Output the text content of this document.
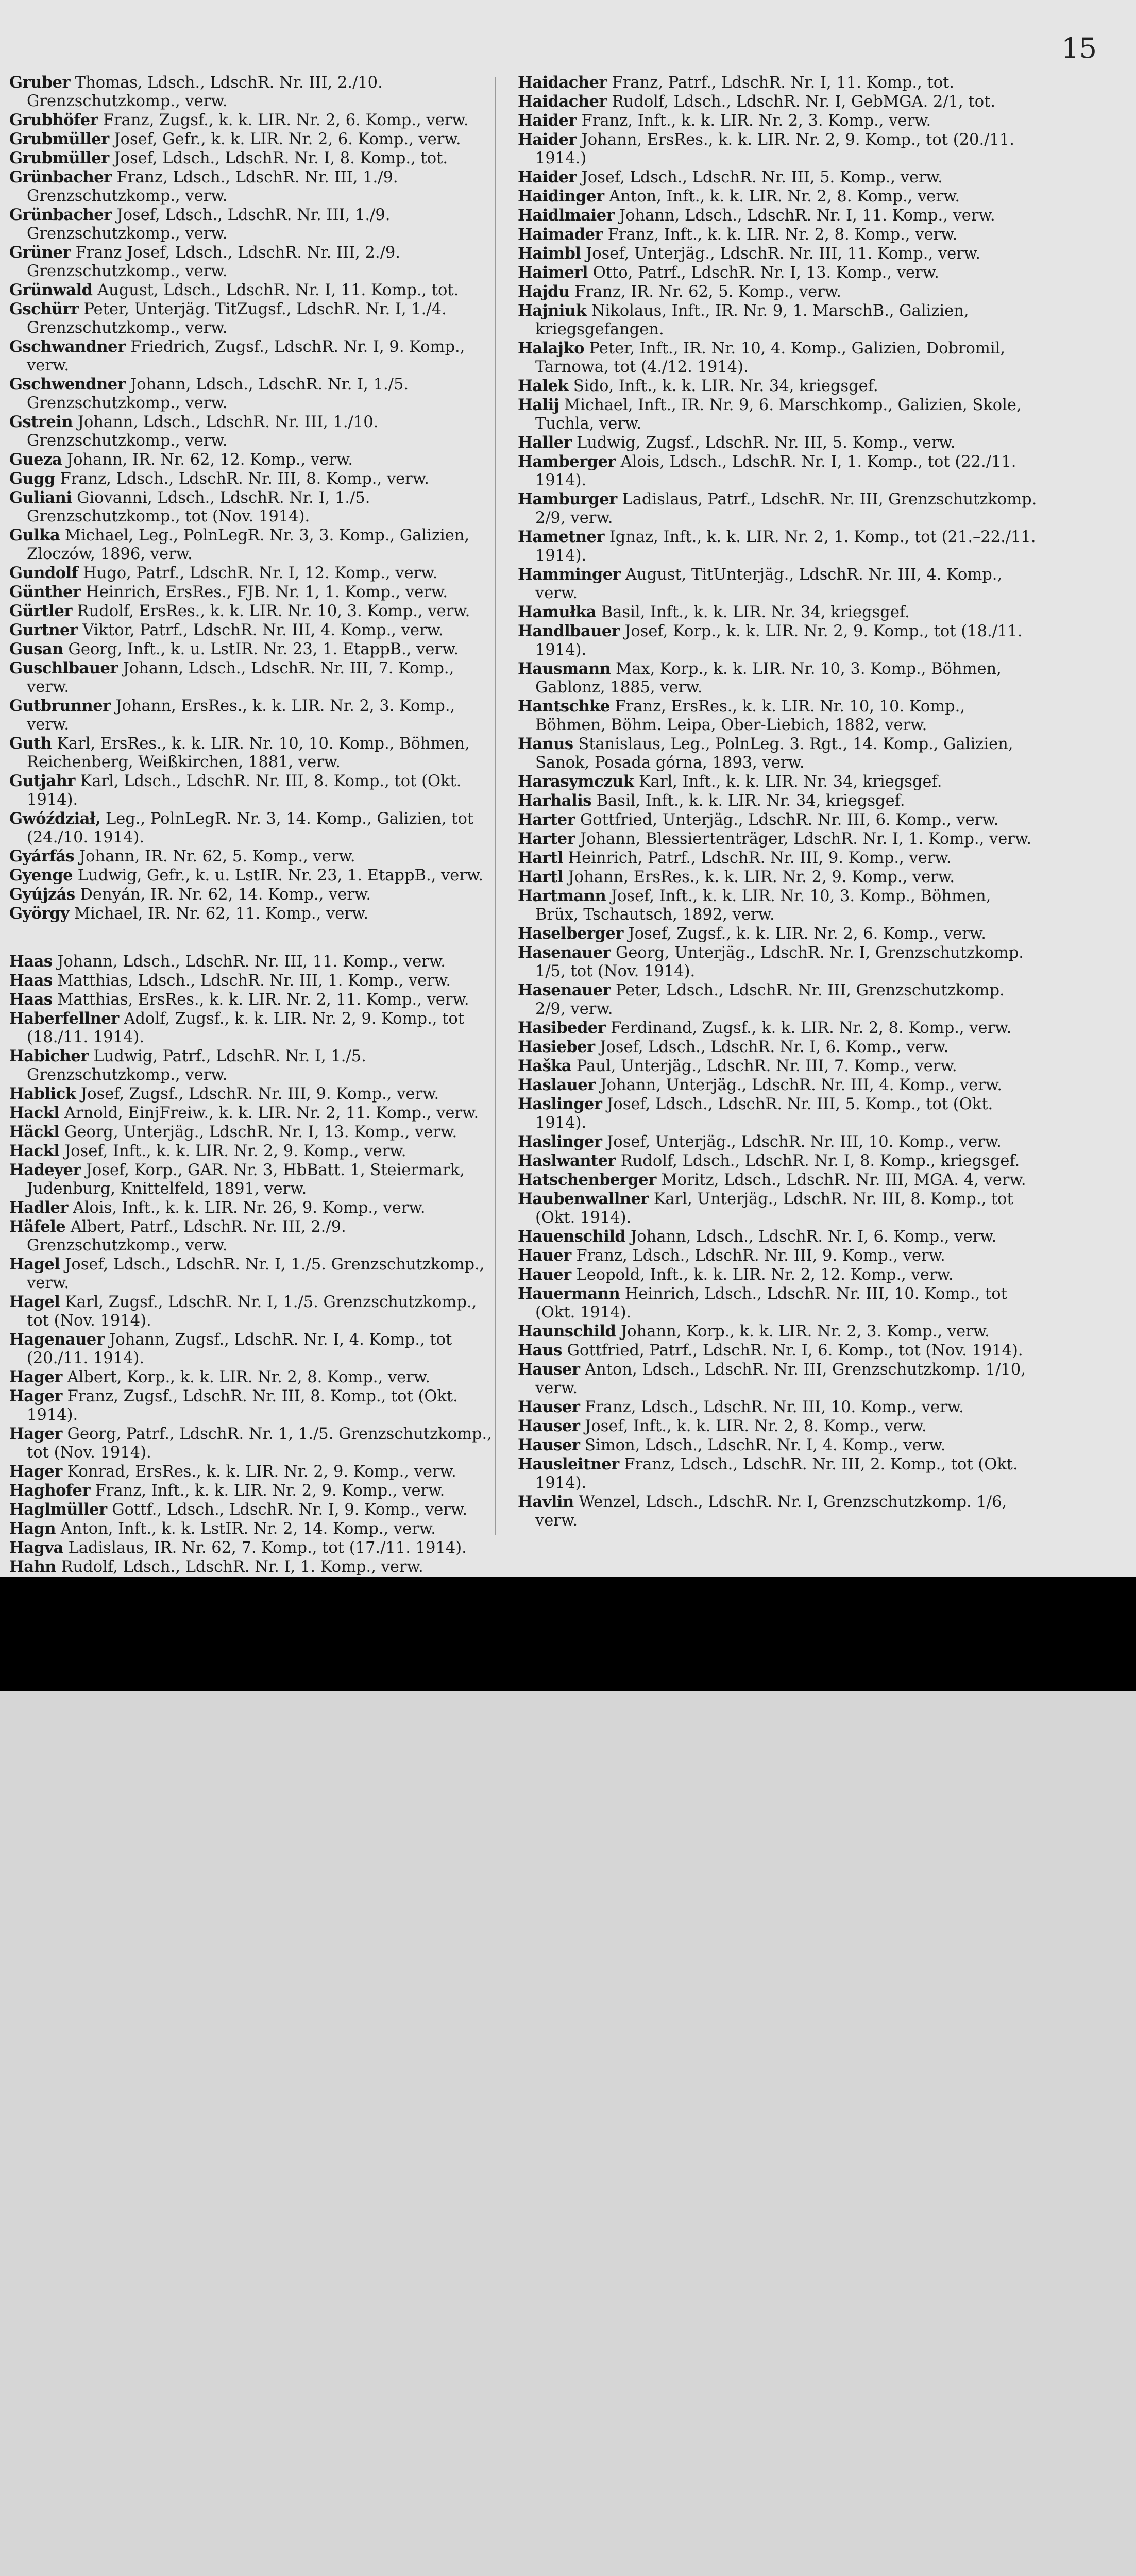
15
Gruber Thomas, Ldsch., LdschR. Nr. III, 2./10. Grenzschutzkomp., verw.
Grubhöfer Franz, Zugsf., k. k. LIR. Nr. 2, 6. Komp., verw.
Grubmüller Josef, Gefr., k. k. LIR. Nr. 2, 6. Komp., verw.
Grubmüller Josef, Ldsch., LdschR. Nr. I, 8. Komp., tot.
Grünbacher Franz, Ldsch., LdschR. Nr. III, 1./9. Grenzschutzkomp., verw.
Grünbacher Josef, Ldsch., LdschR. Nr. III, 1./9. Grenzschutzkomp., verw.
Grüner Franz Josef, Ldsch., LdschR. Nr. III, 2./9. Grenzschutzkomp., verw.
Grünwald August, Ldsch., LdschR. Nr. I, 11. Komp., tot.
Gschürr Peter, Unterjäg. TitZugsf., LdschR. Nr. I, 1./4. Grenzschutzkomp., verw.
Gschwandner Friedrich, Zugsf., LdschR. Nr. I, 9. Komp., verw.
Gschwendner Johann, Ldsch., LdschR. Nr. I, 1./5. Grenzschutzkomp., verw.
Gstrein Johann, Ldsch., LdschR. Nr. III, 1./10. Grenzschutzkomp., verw.
Gueza Johann, IR. Nr. 62, 12. Komp., verw.
Gugg Franz, Ldsch., LdschR. Nr. III, 8. Komp., verw.
Guliani Giovanni, Ldsch., LdschR. Nr. I, 1./5. Grenzschutzkomp., tot (Nov. 1914).
Gulka Michael, Leg., PolnLegR. Nr. 3, 3. Komp., Galizien, Zloczów, 1896, verw.
Gundolf Hugo, Patrf., LdschR. Nr. I, 12. Komp., verw.
Günther Heinrich, ErsRes., FJB. Nr. 1, 1. Komp., verw.
Gürtler Rudolf, ErsRes., k. k. LIR. Nr. 10, 3. Komp., verw.
Gurtner Viktor, Patrf., LdschR. Nr. III, 4. Komp., verw.
Gusan Georg, Inft., k. u. LstIR. Nr. 23, 1. EtappB., verw.
Guschlbauer Johann, Ldsch., LdschR. Nr. III, 7. Komp., verw.
Gutbrunner Johann, ErsRes., k. k. LIR. Nr. 2, 3. Komp., verw.
Guth Karl, ErsRes., k. k. LIR. Nr. 10, 10. Komp., Böhmen, Reichenberg, Weißkirchen, 1881, verw.
Gutjahr Karl, Ldsch., LdschR. Nr. III, 8. Komp., tot (Okt. 1914).
Gwóździał, Leg., PolnLegR. Nr. 3, 14. Komp., Galizien, tot (24./10. 1914).
Gyárfás Johann, IR. Nr. 62, 5. Komp., verw.
Gyenge Ludwig, Gefr., k. u. LstIR. Nr. 23, 1. EtappB., verw.
Gyújzás Denyán, IR. Nr. 62, 14. Komp., verw.
György Michael, IR. Nr. 62, 11. Komp., verw.
Haas Johann, Ldsch., LdschR. Nr. III, 11. Komp., verw.
Haas Matthias, Ldsch., LdschR. Nr. III, 1. Komp., verw.
Haas Matthias, ErsRes., k. k. LIR. Nr. 2, 11. Komp., verw.
Haberfellner Adolf, Zugsf., k. k. LIR. Nr. 2, 9. Komp., tot (18./11. 1914).
Habicher Ludwig, Patrf., LdschR. Nr. I, 1./5. Grenzschutzkomp., verw.
Hablick Josef, Zugsf., LdschR. Nr. III, 9. Komp., verw.
Hackl Arnold, EinjFreiw., k. k. LIR. Nr. 2, 11. Komp., verw.
Häckl Georg, Unterjäg., LdschR. Nr. I, 13. Komp., verw.
Hackl Josef, Inft., k. k. LIR. Nr. 2, 9. Komp., verw.
Hadeyer Josef, Korp., GAR. Nr. 3, HbBatt. 1, Steiermark, Judenburg, Knittelfeld, 1891, verw.
Hadler Alois, Inft., k. k. LIR. Nr. 26, 9. Komp., verw.
Häfele Albert, Patrf., LdschR. Nr. III, 2./9. Grenzschutzkomp., verw.
Hagel Josef, Ldsch., LdschR. Nr. I, 1./5. Grenzschutzkomp., verw.
Hagel Karl, Zugsf., LdschR. Nr. I, 1./5. Grenzschutzkomp., tot (Nov. 1914).
Hagenauer Johann, Zugsf., LdschR. Nr. I, 4. Komp., tot (20./11. 1914).
Hager Albert, Korp., k. k. LIR. Nr. 2, 8. Komp., verw.
Hager Franz, Zugsf., LdschR. Nr. III, 8. Komp., tot (Okt. 1914).
Hager Georg, Patrf., LdschR. Nr. 1, 1./5. Grenzschutzkomp., tot (Nov. 1914).
Hager Konrad, ErsRes., k. k. LIR. Nr. 2, 9. Komp., verw.
Haghofer Franz, Inft., k. k. LIR. Nr. 2, 9. Komp., verw.
Haglmüller Gottf., Ldsch., LdschR. Nr. I, 9. Komp., verw.
Hagn Anton, Inft., k. k. LstIR. Nr. 2, 14. Komp., verw.
Hagva Ladislaus, IR. Nr. 62, 7. Komp., tot (17./11. 1914).
Hahn Rudolf, Ldsch., LdschR. Nr. I, 1. Komp., verw.
Haidacher Franz, Patrf., LdschR. Nr. I, 11. Komp., tot.
Haidacher Rudolf, Ldsch., LdschR. Nr. I, GebMGA. 2/1, tot.
Haider Franz, Inft., k. k. LIR. Nr. 2, 3. Komp., verw.
Haider Johann, ErsRes., k. k. LIR. Nr. 2, 9. Komp., tot (20./11. 1914.)
Haider Josef, Ldsch., LdschR. Nr. III, 5. Komp., verw.
Haidinger Anton, Inft., k. k. LIR. Nr. 2, 8. Komp., verw.
Haidlmaier Johann, Ldsch., LdschR. Nr. I, 11. Komp., verw.
Haimader Franz, Inft., k. k. LIR. Nr. 2, 8. Komp., verw.
Haimbl Josef, Unterjäg., LdschR. Nr. III, 11. Komp., verw.
Haimerl Otto, Patrf., LdschR. Nr. I, 13. Komp., verw.
Hajdu Franz, IR. Nr. 62, 5. Komp., verw.
Hajniuk Nikolaus, Inft., IR. Nr. 9, 1. MarschB., Galizien, kriegsgefangen.
Halajko Peter, Inft., IR. Nr. 10, 4. Komp., Galizien, Dobromil, Tarnowa, tot (4./12. 1914).
Halek Sido, Inft., k. k. LIR. Nr. 34, kriegsgef.
Halij Michael, Inft., IR. Nr. 9, 6. Marschkomp., Galizien, Skole, Tuchla, verw.
Haller Ludwig, Zugsf., LdschR. Nr. III, 5. Komp., verw.
Hamberger Alois, Ldsch., LdschR. Nr. I, 1. Komp., tot (22./11. 1914).
Hamburger Ladislaus, Patrf., LdschR. Nr. III, Grenzschutzkomp. 2/9, verw.
Hametner Ignaz, Inft., k. k. LIR. Nr. 2, 1. Komp., tot (21.–22./11. 1914).
Hamminger August, TitUnterjäg., LdschR. Nr. III, 4. Komp., verw.
Hamułka Basil, Inft., k. k. LIR. Nr. 34, kriegsgef.
Handlbauer Josef, Korp., k. k. LIR. Nr. 2, 9. Komp., tot (18./11. 1914).
Hausmann Max, Korp., k. k. LIR. Nr. 10, 3. Komp., Böhmen, Gablonz, 1885, verw.
Hantschke Franz, ErsRes., k. k. LIR. Nr. 10, 10. Komp., Böhmen, Böhm. Leipa, Ober-Liebich, 1882, verw.
Hanus Stanislaus, Leg., PolnLeg. 3. Rgt., 14. Komp., Galizien, Sanok, Posada górna, 1893, verw.
Harasymczuk Karl, Inft., k. k. LIR. Nr. 34, kriegsgef.
Harhalis Basil, Inft., k. k. LIR. Nr. 34, kriegsgef.
Harter Gottfried, Unterjäg., LdschR. Nr. III, 6. Komp., verw.
Harter Johann, Blessiertenträger, LdschR. Nr. I, 1. Komp., verw.
Hartl Heinrich, Patrf., LdschR. Nr. III, 9. Komp., verw.
Hartl Johann, ErsRes., k. k. LIR. Nr. 2, 9. Komp., verw.
Hartmann Josef, Inft., k. k. LIR. Nr. 10, 3. Komp., Böhmen, Brüx, Tschautsch, 1892, verw.
Haselberger Josef, Zugsf., k. k. LIR. Nr. 2, 6. Komp., verw.
Hasenauer Georg, Unterjäg., LdschR. Nr. I, Grenzschutzkomp. 1/5, tot (Nov. 1914).
Hasenauer Peter, Ldsch., LdschR. Nr. III, Grenzschutzkomp. 2/9, verw.
Hasibeder Ferdinand, Zugsf., k. k. LIR. Nr. 2, 8. Komp., verw.
Hasieber Josef, Ldsch., LdschR. Nr. I, 6. Komp., verw.
Haška Paul, Unterjäg., LdschR. Nr. III, 7. Komp., verw.
Haslauer Johann, Unterjäg., LdschR. Nr. III, 4. Komp., verw.
Haslinger Josef, Ldsch., LdschR. Nr. III, 5. Komp., tot (Okt. 1914).
Haslinger Josef, Unterjäg., LdschR. Nr. III, 10. Komp., verw.
Haslwanter Rudolf, Ldsch., LdschR. Nr. I, 8. Komp., kriegsgef.
Hatschenberger Moritz, Ldsch., LdschR. Nr. III, MGA. 4, verw.
Haubenwallner Karl, Unterjäg., LdschR. Nr. III, 8. Komp., tot (Okt. 1914).
Hauenschild Johann, Ldsch., LdschR. Nr. I, 6. Komp., verw.
Hauer Franz, Ldsch., LdschR. Nr. III, 9. Komp., verw.
Hauer Leopold, Inft., k. k. LIR. Nr. 2, 12. Komp., verw.
Hauermann Heinrich, Ldsch., LdschR. Nr. III, 10. Komp., tot (Okt. 1914).
Haunschild Johann, Korp., k. k. LIR. Nr. 2, 3. Komp., verw.
Haus Gottfried, Patrf., LdschR. Nr. I, 6. Komp., tot (Nov. 1914).
Hauser Anton, Ldsch., LdschR. Nr. III, Grenzschutzkomp. 1/10, verw.
Hauser Franz, Ldsch., LdschR. Nr. III, 10. Komp., verw.
Hauser Josef, Inft., k. k. LIR. Nr. 2, 8. Komp., verw.
Hauser Simon, Ldsch., LdschR. Nr. I, 4. Komp., verw.
Hausleitner Franz, Ldsch., LdschR. Nr. III, 2. Komp., tot (Okt. 1914).
Havlin Wenzel, Ldsch., LdschR. Nr. I, Grenzschutzkomp. 1/6, verw.
